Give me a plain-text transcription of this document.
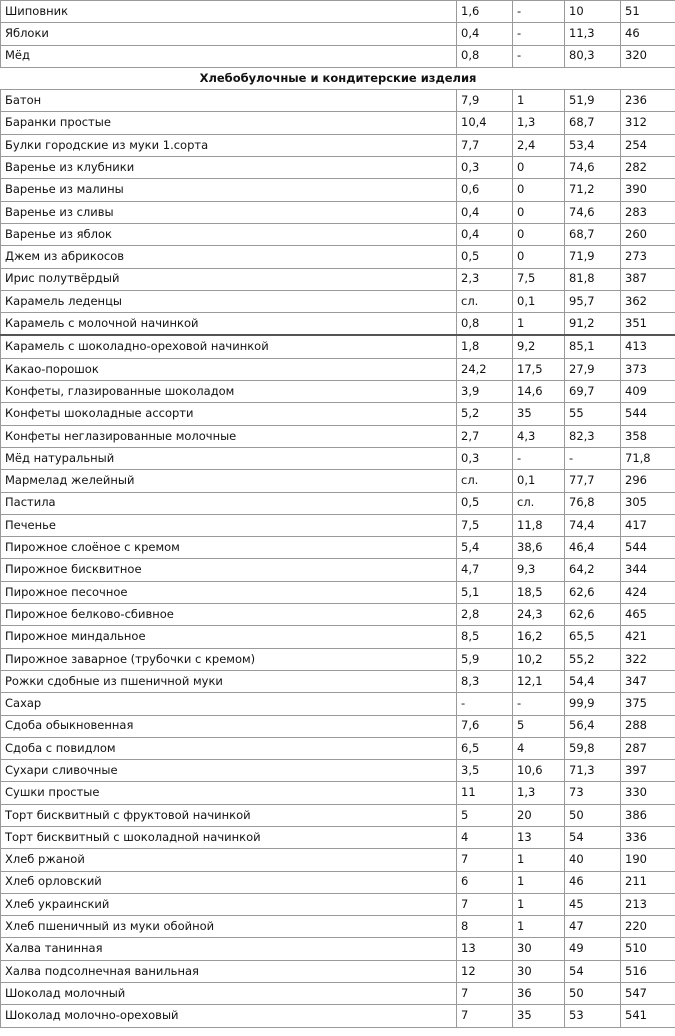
Шиповник	1,6	-	10	51
Яблоки	0,4	-	11,3	46
Мёд	0,8	-	80,3	320
Хлебобулочные и кондитерские изделия				
Батон	7,9	1	51,9	236
Баранки простые	10,4	1,3	68,7	312
Булки городские из муки 1.сорта	7,7	2,4	53,4	254
Варенье из клубники	0,3	0	74,6	282
Варенье из малины	0,6	0	71,2	390
Варенье из сливы	0,4	0	74,6	283
Варенье из яблок	0,4	0	68,7	260
Джем из абрикосов	0,5	0	71,9	273
Ирис полутвёрдый	2,3	7,5	81,8	387
Карамель леденцы	сл.	0,1	95,7	362
Карамель с молочной начинкой	0,8	1	91,2	351
Карамель с шоколадно-ореховой начинкой	1,8	9,2	85,1	413
Какао-порошок	24,2	17,5	27,9	373
Конфеты, глазированные шоколадом	3,9	14,6	69,7	409
Конфеты шоколадные ассорти	5,2	35	55	544
Конфеты неглазированные молочные	2,7	4,3	82,3	358
Мёд натуральный	0,3	-	-	71,8
Мармелад желейный	сл.	0,1	77,7	296
Пастила	0,5	сл.	76,8	305
Печенье	7,5	11,8	74,4	417
Пирожное слоёное с кремом	5,4	38,6	46,4	544
Пирожное бисквитное	4,7	9,3	64,2	344
Пирожное песочное	5,1	18,5	62,6	424
Пирожное белково-сбивное	2,8	24,3	62,6	465
Пирожное миндальное	8,5	16,2	65,5	421
Пирожное заварное (трубочки с кремом)	5,9	10,2	55,2	322
Рожки сдобные из пшеничной муки	8,3	12,1	54,4	347
Сахар	-	-	99,9	375
Сдоба обыкновенная	7,6	5	56,4	288
Сдоба с повидлом	6,5	4	59,8	287
Сухари сливочные	3,5	10,6	71,3	397
Сушки простые	11	1,3	73	330
Торт бисквитный с фруктовой начинкой	5	20	50	386
Торт бисквитный с шоколадной начинкой	4	13	54	336
Хлеб ржаной	7	1	40	190
Хлеб орловский	6	1	46	211
Хлеб украинский	7	1	45	213
Хлеб пшеничный из муки обойной	8	1	47	220
Халва танинная	13	30	49	510
Халва подсолнечная ванильная	12	30	54	516
Шоколад молочный	7	36	50	547
Шоколад молочно-ореховый	7	35	53	541
